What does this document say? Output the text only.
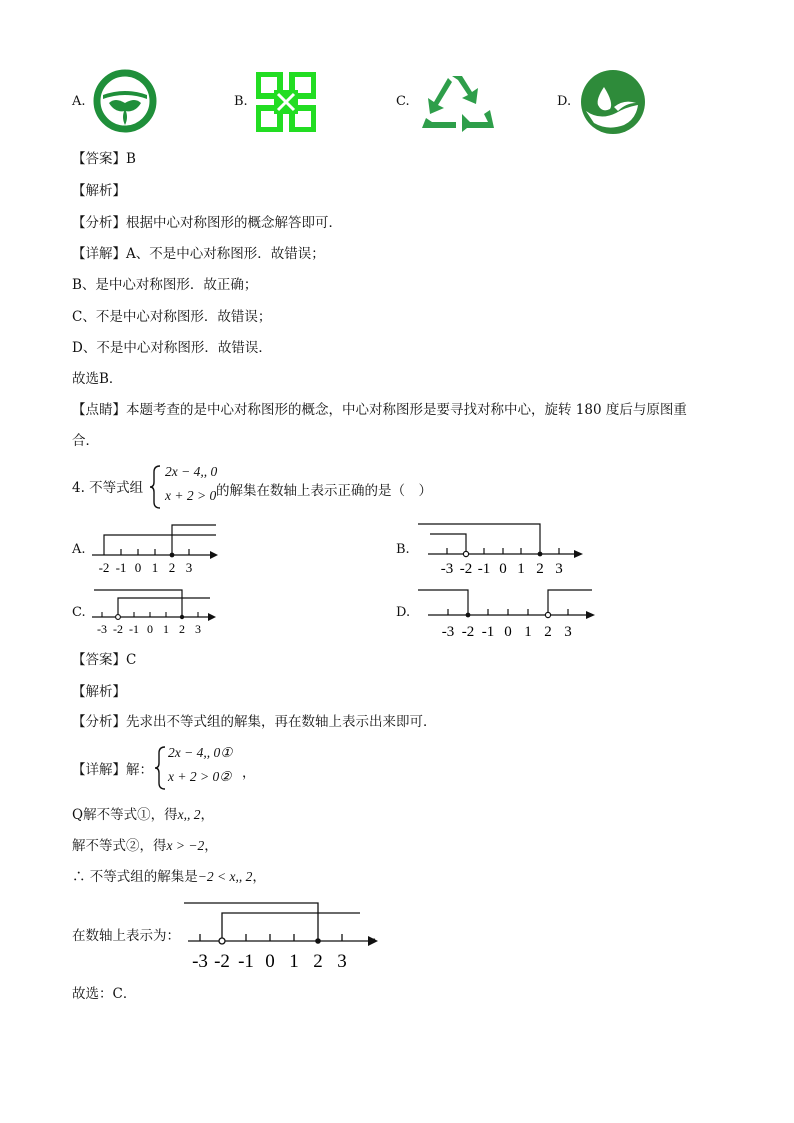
A.	B.	C.	D.
【答案】B
【解析】
【分析】根据中心对称图形的概念解答即可．
【详解】A、不是中心对称图形．故错误；
B、是中心对称图形．故正确；
C、不是中心对称图形．故错误；
D、不是中心对称图形．故错误．
故选B．
【点睛】本题考查的是中心对称图形的概念，中心对称图形是要寻找对称中心，旋转 180 度后与原图重
合．
4. 不等式组
2x − 4,, 0
x + 2 > 0 的解集在数轴上表示正确的是（　）
A.
-2 -1 0 1 2 3
B.
-3 -2 -1 0 1 2 3
C.
-3 -2 -1 0 1 2 3
D.
-3 -2 -1 0 1 2 3
【答案】C
【解析】
【分析】先求出不等式组的解集，再在数轴上表示出来即可．
【详解】解：
2x − 4,, 0①
x + 2 > 0② ，
Q解不等式①，得x,, 2，
解不等式②，得x > −2，
∴ 不等式组的解集是−2 < x,, 2，
在数轴上表示为：
-3 -2 -1 0 1 2 3
，
故选：C．
